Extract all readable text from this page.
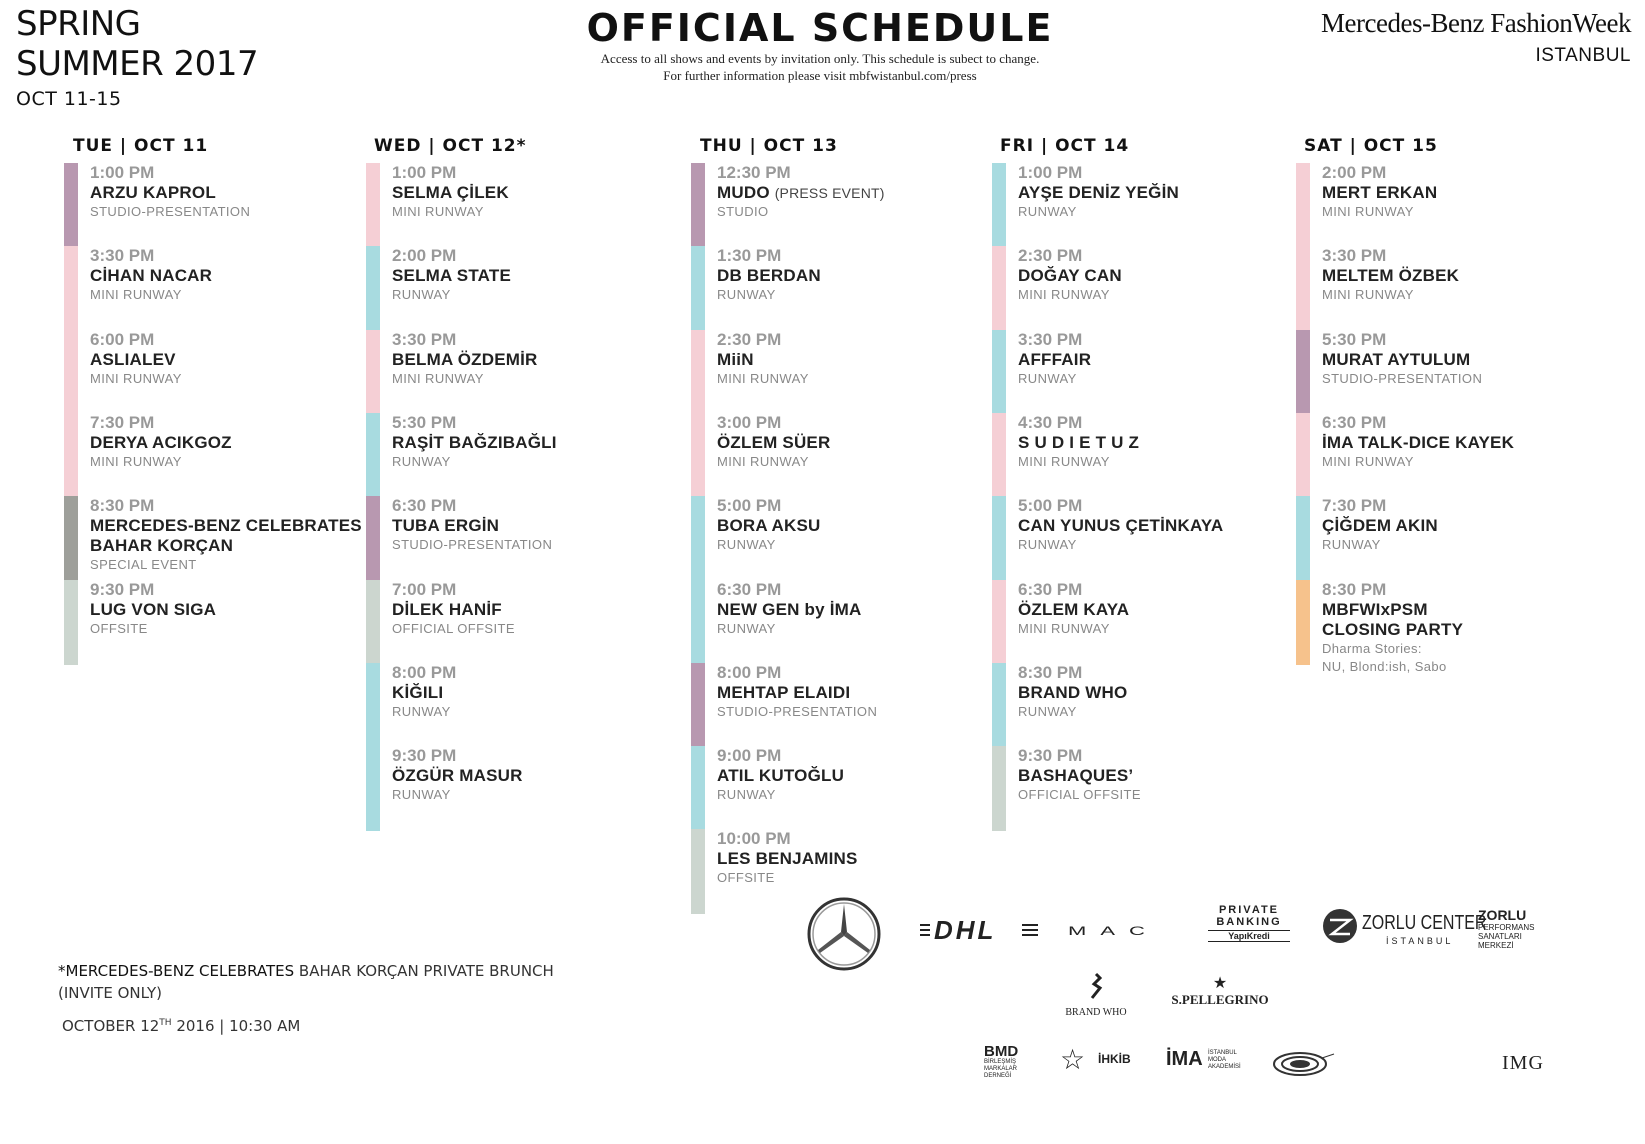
SPRING
SUMMER 2017
OCT 11-15
OFFICIAL SCHEDULE
Access to all shows and events by invitation only. This schedule is subect to change.
For further information please visit mbfwistanbul.com/press
Mercedes-Benz FashionWeek
ISTANBUL
TUE | OCT 11
1:00 PM
ARZU KAPROL
STUDIO-PRESENTATION
3:30 PM
CİHAN NACAR
MINI RUNWAY
6:00 PM
ASLIALEV
MINI RUNWAY
7:30 PM
DERYA ACIKGOZ
MINI RUNWAY
8:30 PM
MERCEDES-BENZ CELEBRATES
BAHAR KORÇAN
SPECIAL EVENT
9:30 PM
LUG VON SIGA
OFFSITE
WED | OCT 12*
1:00 PM
SELMA ÇİLEK
MINI RUNWAY
2:00 PM
SELMA STATE
RUNWAY
3:30 PM
BELMA ÖZDEMİR
MINI RUNWAY
5:30 PM
RAŞİT BAĞZIBAĞLI
RUNWAY
6:30 PM
TUBA ERGİN
STUDIO-PRESENTATION
7:00 PM
DİLEK HANİF
OFFICIAL OFFSITE
8:00 PM
KİĞILI
RUNWAY
9:30 PM
ÖZGÜR MASUR
RUNWAY
THU | OCT 13
12:30 PM
MUDO (PRESS EVENT)
STUDIO
1:30 PM
DB BERDAN
RUNWAY
2:30 PM
MiiN
MINI RUNWAY
3:00 PM
ÖZLEM SÜER
MINI RUNWAY
5:00 PM
BORA AKSU
RUNWAY
6:30 PM
NEW GEN by İMA
RUNWAY
8:00 PM
MEHTAP ELAIDI
STUDIO-PRESENTATION
9:00 PM
ATIL KUTOĞLU
RUNWAY
10:00 PM
LES BENJAMINS
OFFSITE
FRI | OCT 14
1:00 PM
AYŞE DENİZ YEĞİN
RUNWAY
2:30 PM
DOĞAY CAN
MINI RUNWAY
3:30 PM
AFFFAIR
RUNWAY
4:30 PM
S U D I E T U Z
MINI RUNWAY
5:00 PM
CAN YUNUS ÇETİNKAYA
RUNWAY
6:30 PM
ÖZLEM KAYA
MINI RUNWAY
8:30 PM
BRAND WHO
RUNWAY
9:30 PM
BASHAQUES’
OFFICIAL OFFSITE
SAT | OCT 15
2:00 PM
MERT ERKAN
MINI RUNWAY
3:30 PM
MELTEM ÖZBEK
MINI RUNWAY
5:30 PM
MURAT AYTULUM
STUDIO-PRESENTATION
6:30 PM
İMA TALK-DICE KAYEK
MINI RUNWAY
7:30 PM
ÇİĞDEM AKIN
RUNWAY
8:30 PM
MBFWIxPSM
CLOSING PARTY
Dharma Stories:
NU, Blond:ish, Sabo
*MERCEDES-BENZ CELEBRATES BAHAR KORÇAN PRIVATE BRUNCH
(INVITE ONLY)
OCTOBER 12TH 2016 | 10:30 AM
DHL	MAC
PRIVATE
BANKING
YapıKredi
ZORLU CENTER
İSTANBUL
ZORLU
PERFORMANS
SANATLARI
MERKEZİ
BRAND WHO
★
S.PELLEGRINO
BMD
BİRLEŞMİŞ
MARKALAR
DERNEĞİ
☆ İHKİB İMA İSTANBUL
MODA
AKADEMİSİ	IMG
